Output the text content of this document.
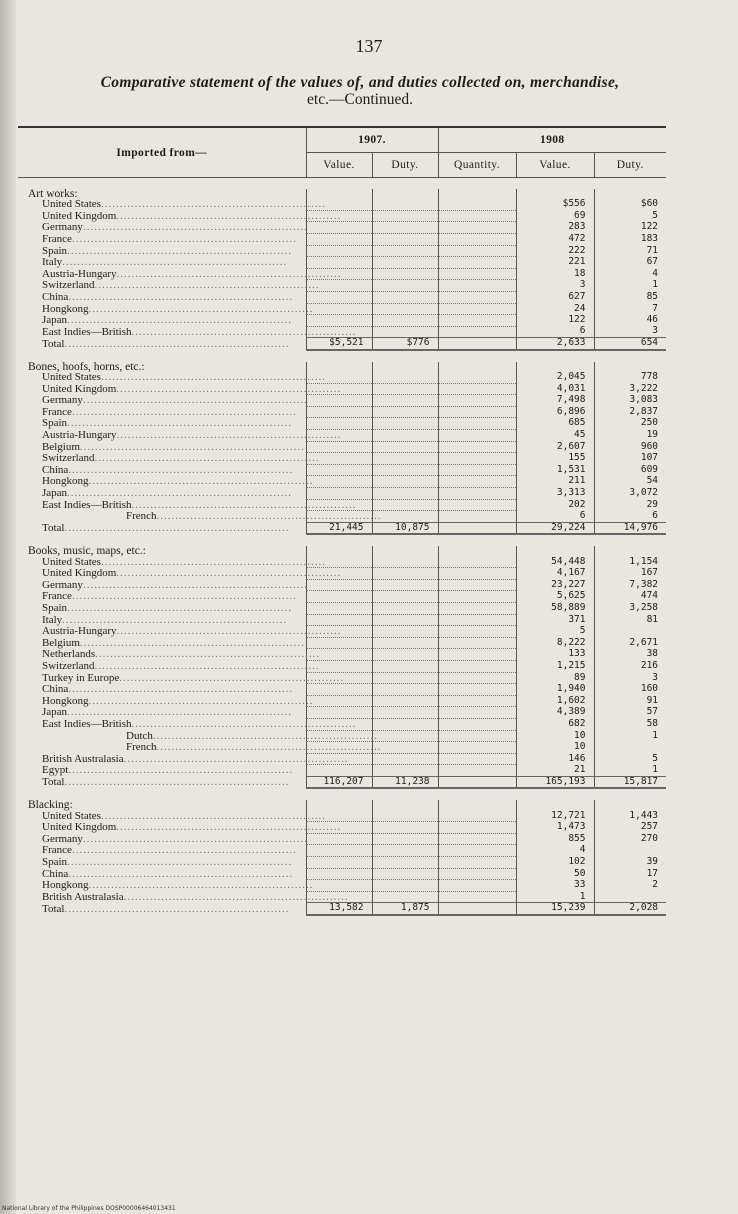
137
Comparative statement of the values of, and duties collected on, merchandise,
etc.—Continued.
Imported from—	1907.		1908		
	Value.	Duty.	Quantity.	Value.	Duty.

Art works:					
United States............................................................				$556	$60
United Kingdom............................................................				69	5
Germany............................................................				283	122
France............................................................				472	183
Spain............................................................				222	71
Italy............................................................				221	67
Austria-Hungary............................................................				18	4
Switzerland............................................................				3	1
China............................................................				627	85
Hongkong............................................................				24	7
Japan............................................................				122	46
East Indies—British............................................................				6	3
Total............................................................	$5,521	$776		2,633	654

Bones, hoofs, horns, etc.:					
United States............................................................				2,045	778
United Kingdom............................................................				4,031	3,222
Germany............................................................				7,498	3,083
France............................................................				6,896	2,837
Spain............................................................				685	250
Austria-Hungary............................................................				45	19
Belgium............................................................				2,607	960
Switzerland............................................................				155	107
China............................................................				1,531	609
Hongkong............................................................				211	54
Japan............................................................				3,313	3,072
East Indies—British............................................................				202	29
French............................................................				6	6
Total............................................................	21,445	10,875		29,224	14,976

Books, music, maps, etc.:					
United States............................................................				54,448	1,154
United Kingdom............................................................				4,167	167
Germany............................................................				23,227	7,382
France............................................................				5,625	474
Spain............................................................				58,889	3,258
Italy............................................................				371	81
Austria-Hungary............................................................				5	
Belgium............................................................				8,222	2,671
Netherlands............................................................				133	38
Switzerland............................................................				1,215	216
Turkey in Europe............................................................				89	3
China............................................................				1,940	160
Hongkong............................................................				1,602	91
Japan............................................................				4,389	57
East Indies—British............................................................				682	58
Dutch............................................................				10	1
French............................................................				10	
British Australasia............................................................				146	5
Egypt............................................................				21	1
Total............................................................	116,207	11,238		165,193	15,817

Blacking:					
United States............................................................				12,721	1,443
United Kingdom............................................................				1,473	257
Germany............................................................				855	270
France............................................................				4	
Spain............................................................				102	39
China............................................................				50	17
Hongkong............................................................				33	2
British Australasia............................................................				1	
Total............................................................	13,582	1,875		15,239	2,028
National Library of the Philippines DOSP00006464013431
